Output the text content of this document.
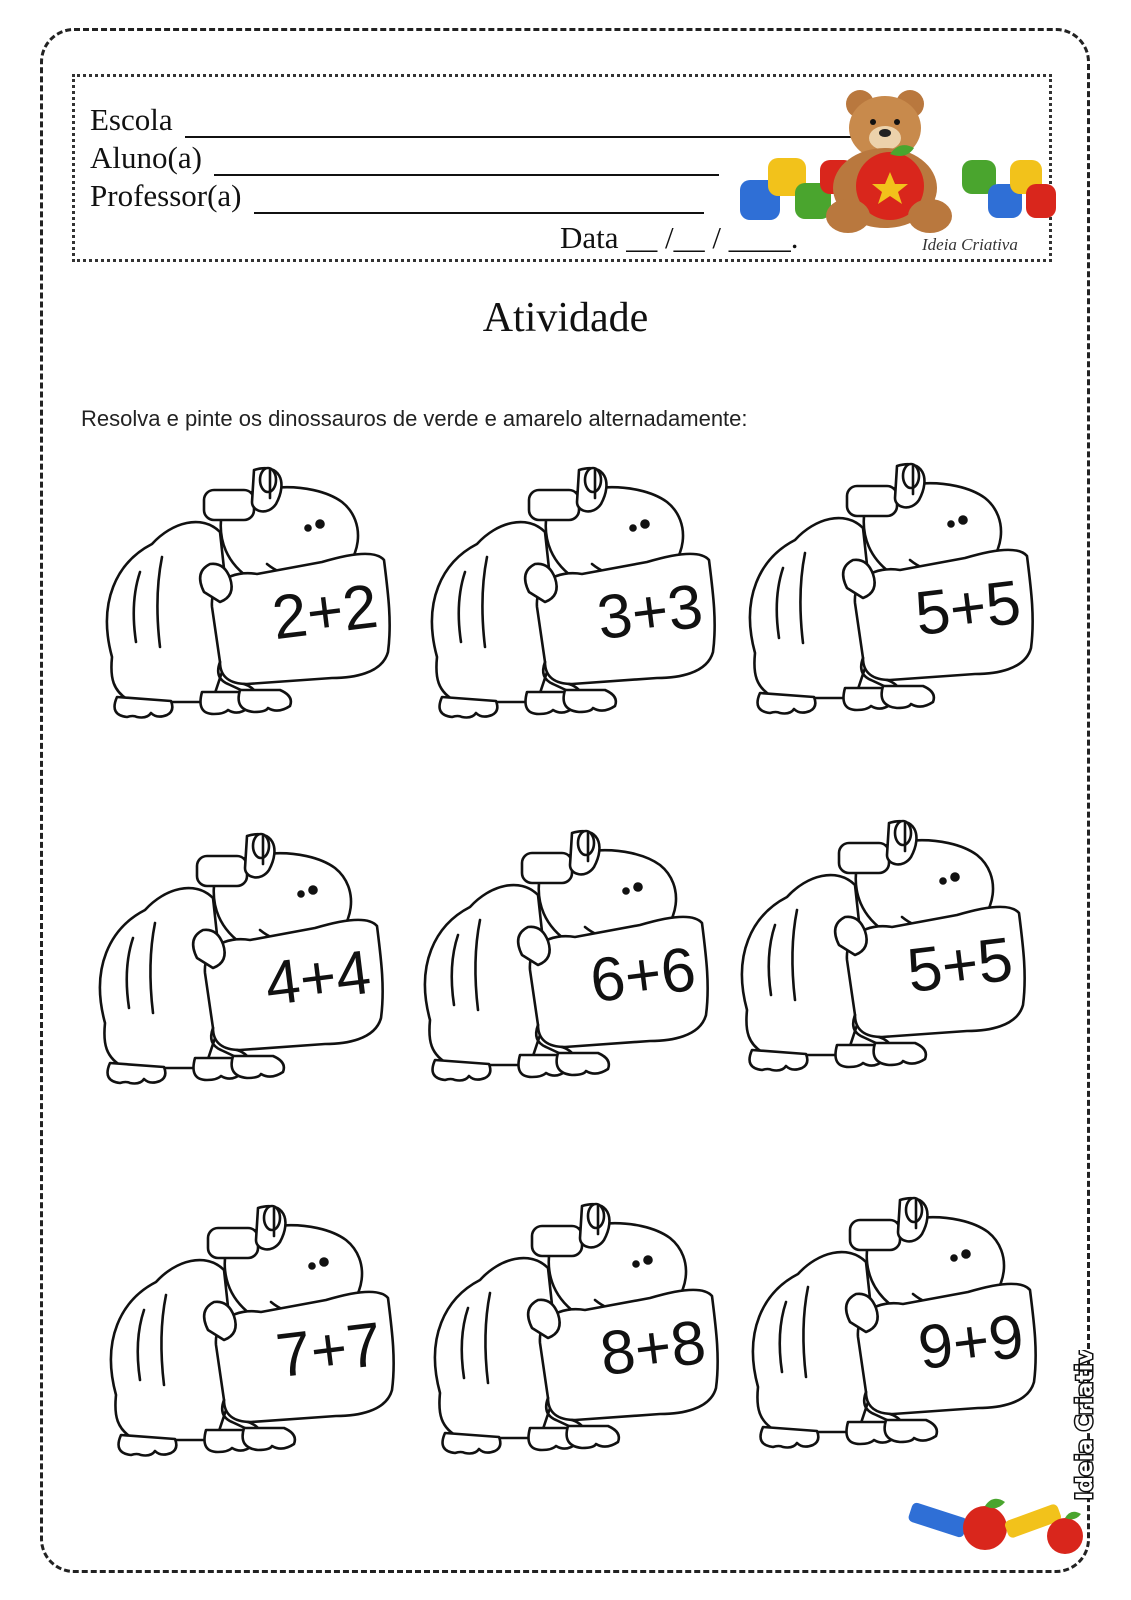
Escola
Aluno(a)
Professor(a)
Data __ /__ / ____.	Ideia Criativa
Atividade
Resolva e pinte os dinossauros de verde e amarelo alternadamente:
2+2	3+3	5+5
4+4	6+6	5+5
7+7	8+8	9+9	Ideia Criativa
